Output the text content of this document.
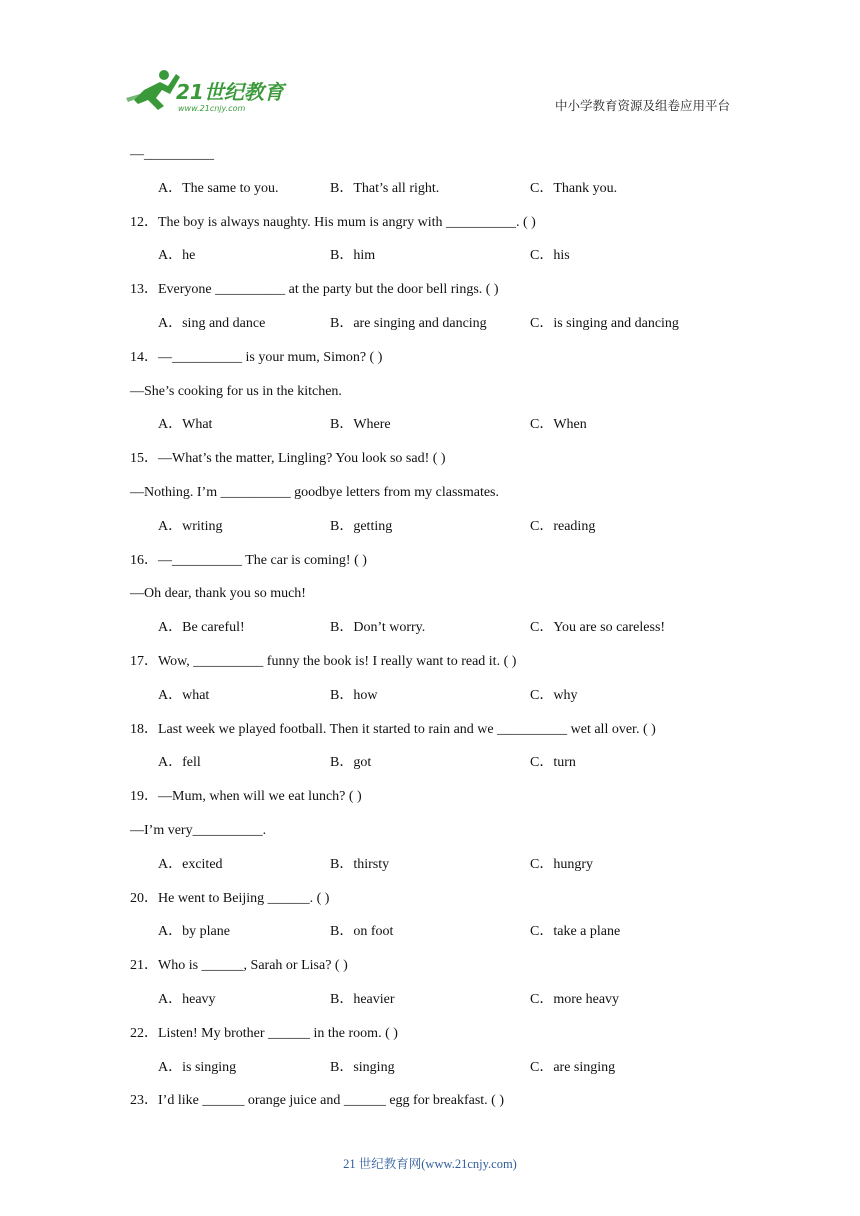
21世纪教育
www.21cnjy.com	中小学教育资源及组卷应用平台
—__________
A．The same to you.	B．That’s all right.	C．Thank you.
12．The boy is always naughty. His mum is angry with __________. ( )
A．he	B．him	C．his
13．Everyone __________ at the party but the door bell rings. ( )
A．sing and dance	B．are singing and dancing	C．is singing and dancing
14．—__________ is your mum, Simon? ( )
—She’s cooking for us in the kitchen.
A．What	B．Where	C．When
15．—What’s the matter, Lingling? You look so sad! ( )
—Nothing. I’m __________ goodbye letters from my classmates.
A．writing	B．getting	C．reading
16．—__________ The car is coming! ( )
—Oh dear, thank you so much!
A．Be careful!	B．Don’t worry.	C．You are so careless!
17．Wow, __________ funny the book is! I really want to read it. ( )
A．what	B．how	C．why
18．Last week we played football. Then it started to rain and we __________ wet all over. ( )
A．fell	B．got	C．turn
19．—Mum, when will we eat lunch? ( )
—I’m very__________.
A．excited	B．thirsty	C．hungry
20．He went to Beijing ______. ( )
A．by plane	B．on foot	C．take a plane
21．Who is ______, Sarah or Lisa? ( )
A．heavy	B．heavier	C．more heavy
22．Listen! My brother ______ in the room. ( )
A．is singing	B．singing	C．are singing
23．I’d like ______ orange juice and ______ egg for breakfast. ( )
21 世纪教育网(www.21cnjy.com)
